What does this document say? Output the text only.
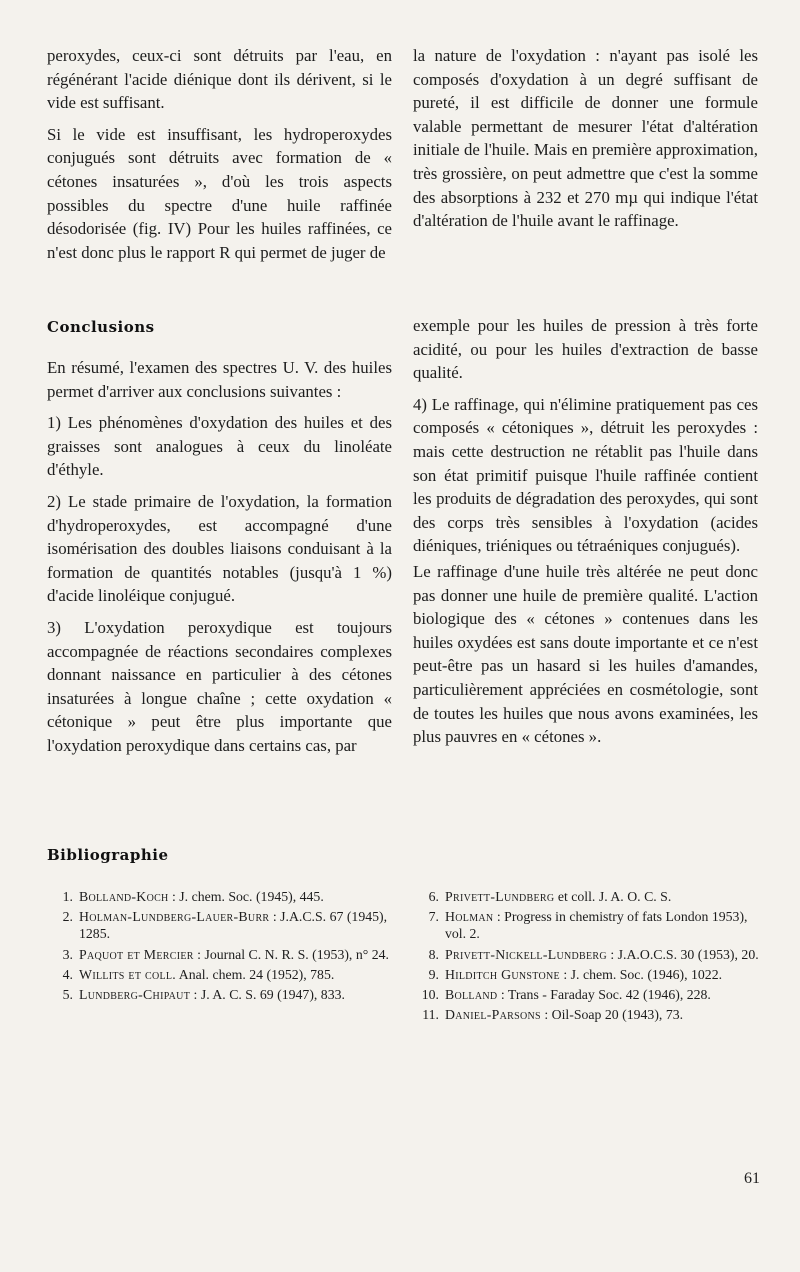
peroxydes, ceux-ci sont détruits par l'eau, en régénérant l'acide diénique dont ils dérivent, si le vide est suffisant.

Si le vide est insuffisant, les hydroperoxydes conjugués sont détruits avec formation de « cétones insaturées », d'où les trois aspects possibles du spectre d'une huile raffinée désodorisée (fig. IV) Pour les huiles raffinées, ce n'est donc plus le rapport R qui permet de juger de

la nature de l'oxydation : n'ayant pas isolé les composés d'oxydation à un degré suffisant de pureté, il est difficile de donner une formule valable permettant de mesurer l'état d'altération initiale de l'huile. Mais en première approximation, très grossière, on peut admettre que c'est la somme des absorptions à 232 et 270 mµ qui indique l'état d'altération de l'huile avant le raffinage.

Conclusions

En résumé, l'examen des spectres U. V. des huiles permet d'arriver aux conclusions suivantes :

1) Les phénomènes d'oxydation des huiles et des graisses sont analogues à ceux du linoléate d'éthyle.

2) Le stade primaire de l'oxydation, la formation d'hydroperoxydes, est accompagné d'une isomérisation des doubles liaisons conduisant à la formation de quantités notables (jusqu'à 1 %) d'acide linoléique conjugué.

3) L'oxydation peroxydique est toujours accompagnée de réactions secondaires complexes donnant naissance en particulier à des cétones insaturées à longue chaîne ; cette oxydation « cétonique » peut être plus importante que l'oxydation peroxydique dans certains cas, par

exemple pour les huiles de pression à très forte acidité, ou pour les huiles d'extraction de basse qualité.

4) Le raffinage, qui n'élimine pratiquement pas ces composés « cétoniques », détruit les peroxydes : mais cette destruction ne rétablit pas l'huile dans son état primitif puisque l'huile raffinée contient les produits de dégradation des peroxydes, qui sont des corps très sensibles à l'oxydation (acides diéniques, triéniques ou tétraéniques conjugués).

Le raffinage d'une huile très altérée ne peut donc pas donner une huile de première qualité. L'action biologique des « cétones » contenues dans les huiles oxydées est sans doute importante et ce n'est peut-être pas un hasard si les huiles d'amandes, particulièrement appréciées en cosmétologie, sont de toutes les huiles que nous avons examinées, les plus pauvres en « cétones ».

Bibliographie
1. Bolland-Koch : J. chem. Soc. (1945), 445.
2. Holman-Lundberg-Lauer-Burr : J.A.C.S. 67 (1945), 1285.
3. Paquot et Mercier : Journal C. N. R. S. (1953), n° 24.
4. Willits et coll. Anal. chem. 24 (1952), 785.
5. Lundberg-Chipaut : J. A. C. S. 69 (1947), 833.
6. Privett-Lundberg et coll. J. A. O. C. S.
7. Holman : Progress in chemistry of fats London 1953), vol. 2.
8. Privett-Nickell-Lundberg : J.A.O.C.S. 30 (1953), 20.
9. Hilditch Gunstone : J. chem. Soc. (1946), 1022.
10. Bolland : Trans - Faraday Soc. 42 (1946), 228.
11. Daniel-Parsons : Oil-Soap 20 (1943), 73.
61
